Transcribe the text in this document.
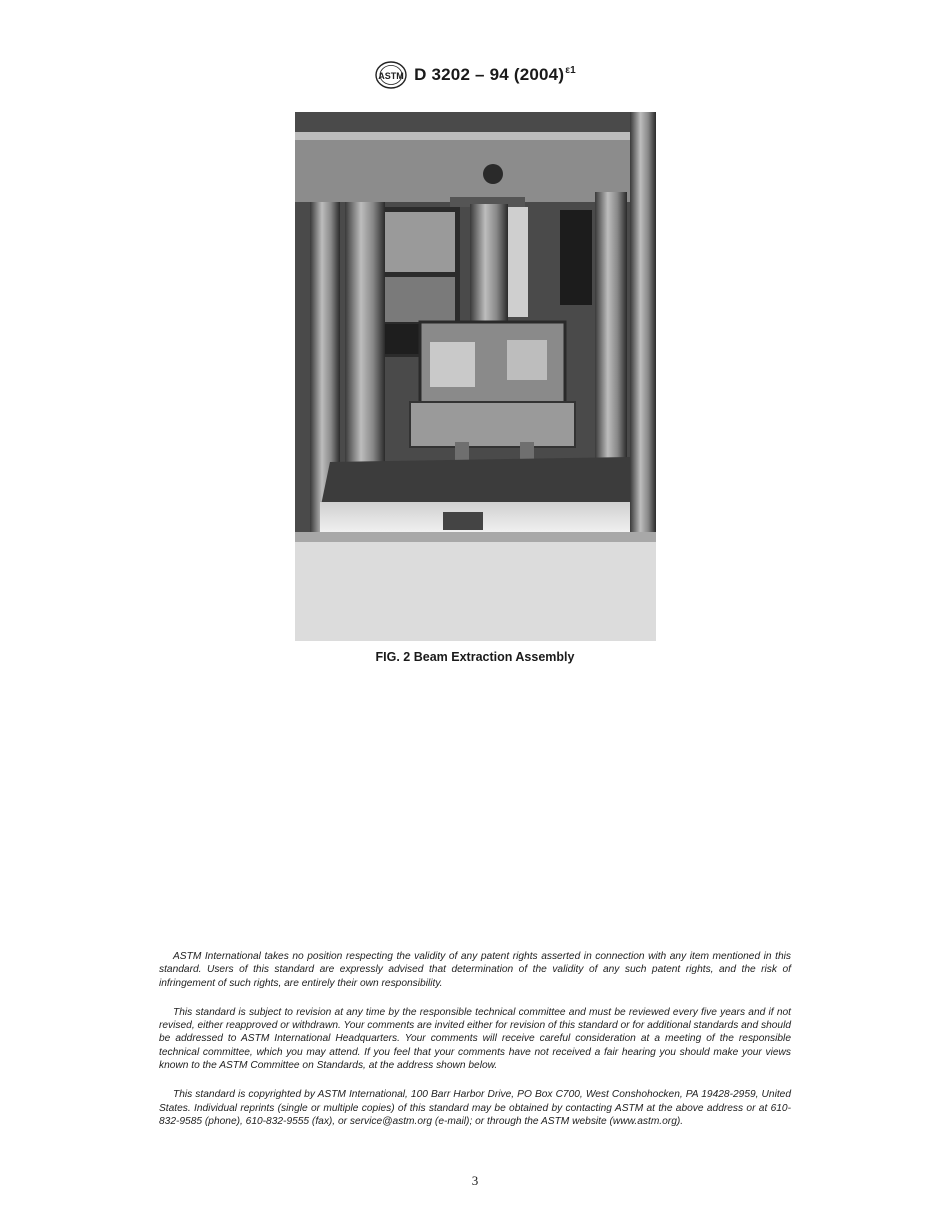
ASTM D 3202 – 94 $(2004)^{\varepsilon 1}$
FIG. 2 Beam Extraction Assembly

ASTM International takes no position respecting the validity of any patent rights asserted in connection with any item mentioned in this standard. Users of this standard are expressly advised that determination of the validity of any such patent rights, and the risk of infringement of such rights, are entirely their own responsibility.

This standard is subject to revision at any time by the responsible technical committee and must be reviewed every five years and if not revised, either reapproved or withdrawn. Your comments are invited either for revision of this standard or for additional standards and should be addressed to ASTM International Headquarters. Your comments will receive careful consideration at a meeting of the responsible technical committee, which you may attend. If you feel that your comments have not received a fair hearing you should make your views known to the ASTM Committee on Standards, at the address shown below.

This standard is copyrighted by ASTM International, 100 Barr Harbor Drive, PO Box C700, West Conshohocken, PA 19428-2959, United States. Individual reprints (single or multiple copies) of this standard may be obtained by contacting ASTM at the above address or at 610-832-9585 (phone), 610-832-9555 (fax), or service@astm.org (e-mail); or through the ASTM website (www.astm.org).

3
